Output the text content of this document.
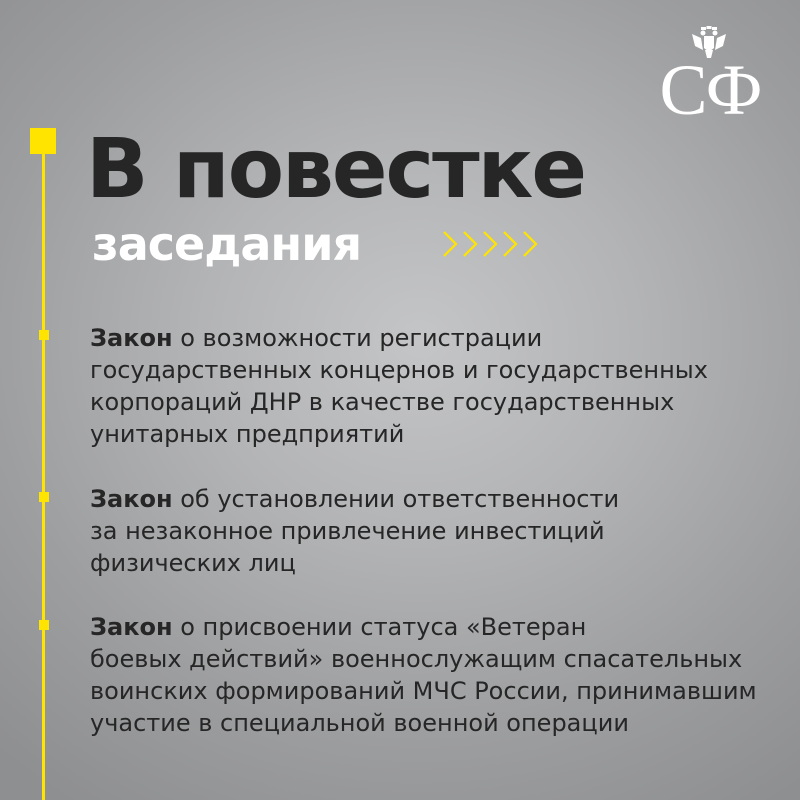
СФ
В повестке
заседания

Закон о возможности регистрации
государственных концернов и государственных
корпораций ДНР в качестве государственных
унитарных предприятий

Закон об установлении ответственности
за незаконное привлечение инвестиций
физических лиц

Закон о присвоении статуса «Ветеран
боевых действий» военнослужащим спасательных
воинских формирований МЧС России, принимавшим
участие в специальной военной операции
